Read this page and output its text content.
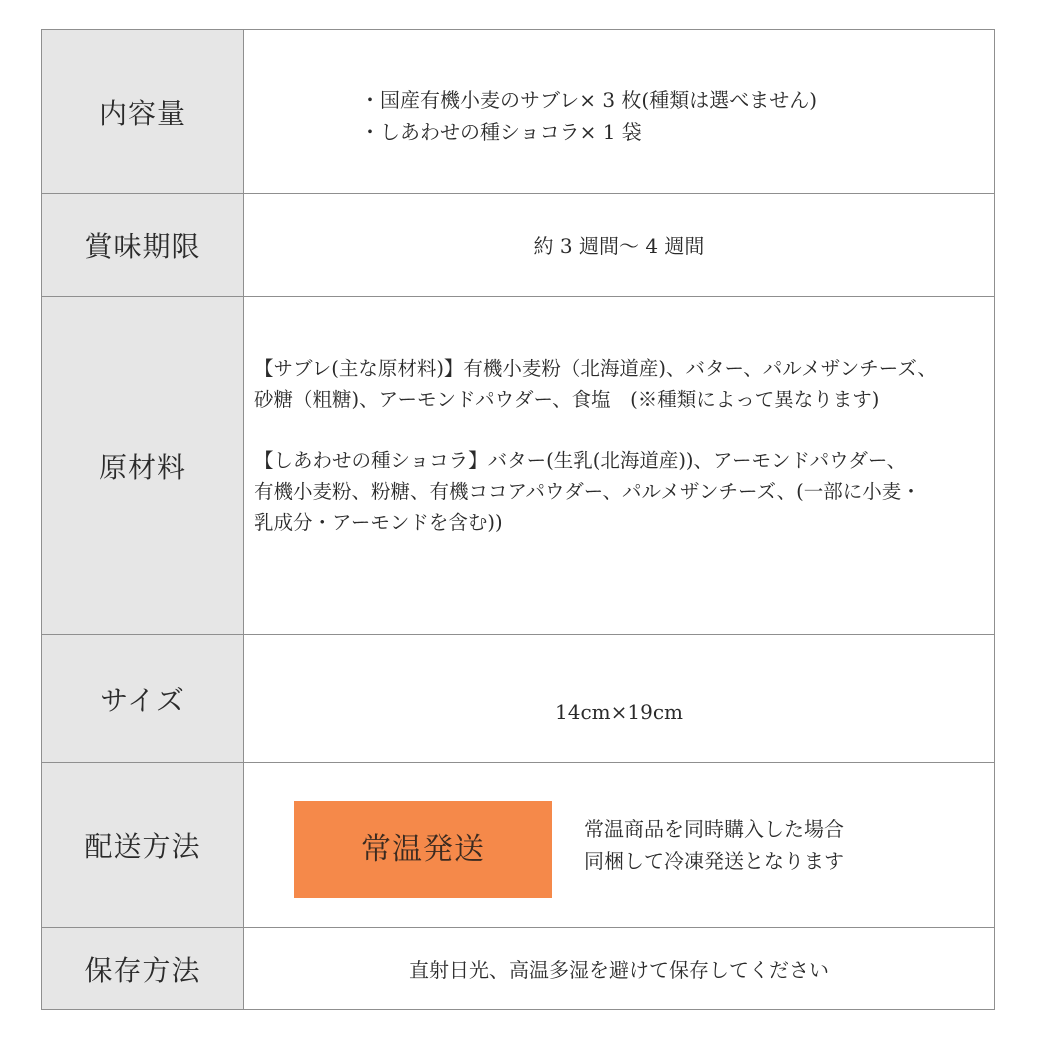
内容量	・国産有機小麦のサブレ× 3 枚(種類は選べません)
・しあわせの種ショコラ× 1 袋

賞味期限	約 3 週間〜 4 週間

原材料	【サブレ(主な原材料)】有機小麦粉（北海道産)、バター、パルメザンチーズ、
砂糖（粗糖)、アーモンドパウダー、食塩　(※種類によって異なります)
【しあわせの種ショコラ】バター(生乳(北海道産))、アーモンドパウダー、
有機小麦粉、粉糖、有機ココアパウダー、パルメザンチーズ、(一部に小麦・
乳成分・アーモンドを含む))

サイズ	14cm×19cm

配送方法	常温発送
常温商品を同時購入した場合
同梱して冷凍発送となります

保存方法	直射日光、高温多湿を避けて保存してください
